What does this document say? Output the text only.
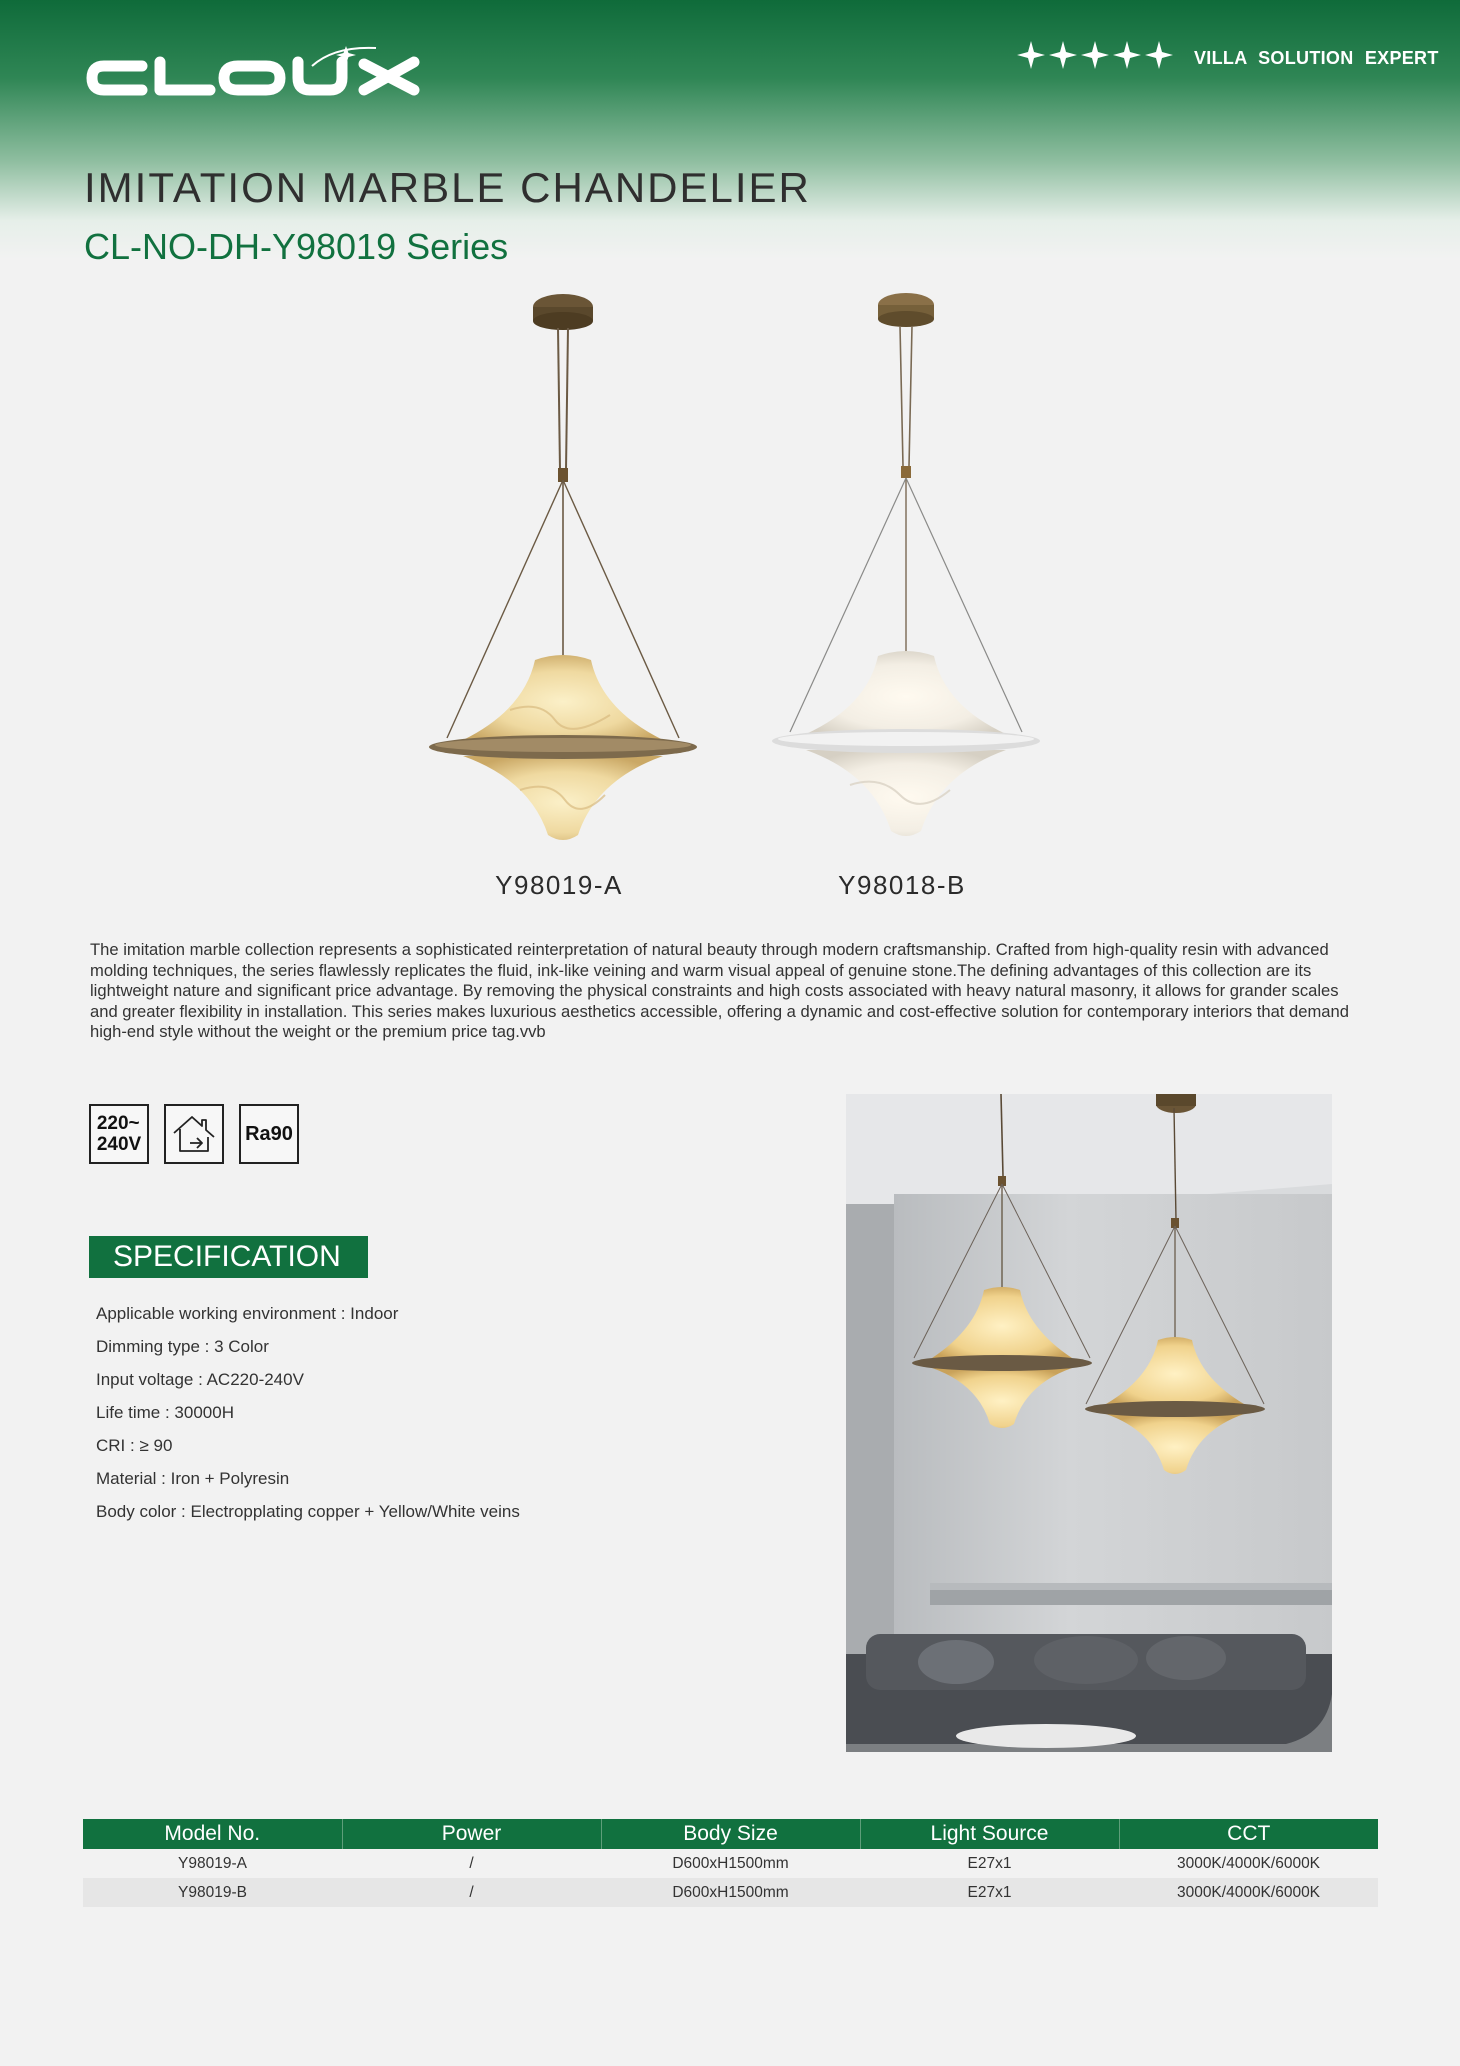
VILLA SOLUTION EXPERT
IMITATION MARBLE CHANDELIER
CL-NO-DH-Y98019 Series
Y98019-A	Y98018-B

The imitation marble collection represents a sophisticated reinterpretation of natural beauty through modern craftsmanship. Crafted from high-quality resin with advanced molding techniques, the series flawlessly replicates the fluid, ink-like veining and warm visual appeal of genuine stone.The defining advantages of this collection are its lightweight nature and significant price advantage. By removing the physical constraints and high costs associated with heavy natural masonry, it allows for grander scales and greater flexibility in installation. This series makes luxurious aesthetics accessible, offering a dynamic and cost-effective solution for contemporary interiors that demand high-end style without the weight or the premium price tag.vvb

220~
240V	Ra90
SPECIFICATION
Applicable working environment : Indoor
Dimming type : 3 Color
Input voltage : AC220-240V
Life time : 30000H
CRI : ≥ 90
Material : Iron + Polyresin
Body color : Electropplating copper + Yellow/White veins
Model No.	Power	Body Size	Light Source	CCT
Y98019-A	/	D600xH1500mm	E27x1	3000K/4000K/6000K
Y98019-B	/	D600xH1500mm	E27x1	3000K/4000K/6000K
